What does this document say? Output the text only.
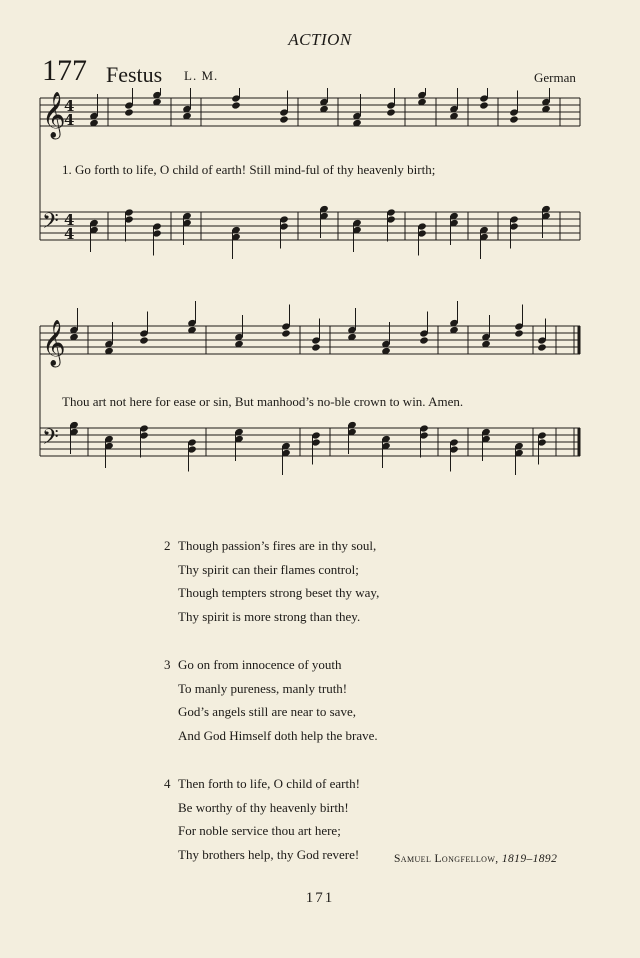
ACTION
177 Festus L. M.	German
𝄞
4
4
𝄢 4
4
𝄞
𝄢
1. Go forth to life, O child of earth! Still mind-ful of thy heavenly birth;
Thou art not here for ease or sin, But manhood’s no-ble crown to win. Amen.
2 Though passion’s fires are in thy soul,
Thy spirit can their flames control;
Though tempters strong beset thy way,
Thy spirit is more strong than they.
3 Go on from innocence of youth
To manly pureness, manly truth!
God’s angels still are near to save,
And God Himself doth help the brave.
4 Then forth to life, O child of earth!
Be worthy of thy heavenly birth!
For noble service thou art here;
Thy brothers help, thy God revere!	Samuel Longfellow, 1819–1892
171
